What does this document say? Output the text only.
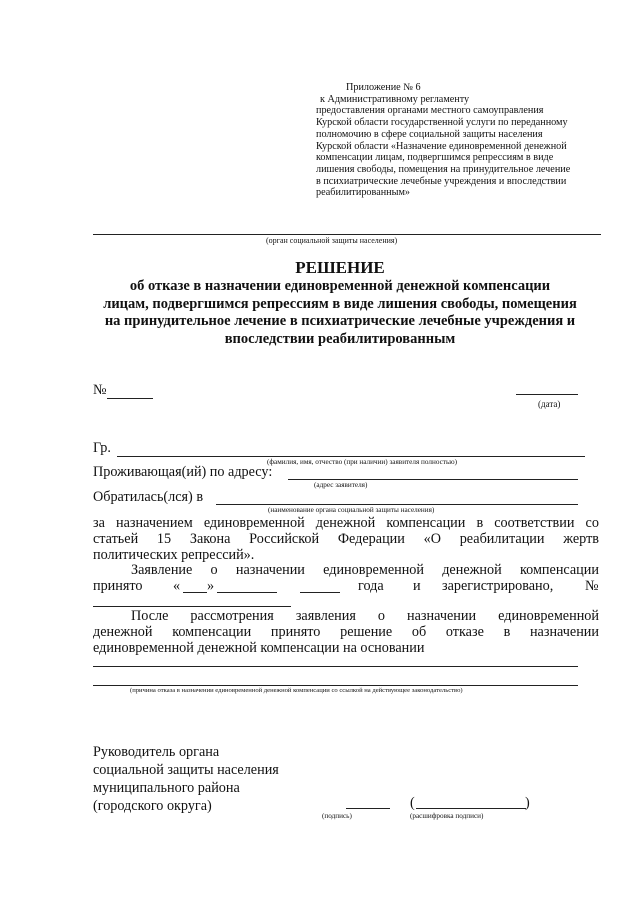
Приложение № 6
к Административному регламенту
предоставления органами местного самоуправления
Курской области государственной услуги по переданному
полномочию в сфере социальной защиты населения
Курской области «Назначение единовременной денежной
компенсации лицам, подвергшимся репрессиям в виде
лишения свободы, помещения на принудительное лечение
в психиатрические лечебные учреждения и впоследствии
реабилитированным»
(орган социальной защиты населения)
РЕШЕНИЕ
об отказе в назначении единовременной денежной компенсации
лицам, подвергшимся репрессиям в виде лишения свободы, помещения
на принудительное лечение в психиатрические лечебные учреждения и
впоследствии реабилитированным
№
(дата)
Гр.
(фамилия, имя, отчество (при наличии) заявителя полностью)
Проживающая(ий) по адресу:
(адрес заявителя)
Обратилась(лся) в
(наименование органа социальной защиты населения)
за назначением единовременной денежной компенсации в соответствии со
статьей 15 Закона Российской Федерации «О реабилитации жертв
политических репрессий».
Заявление о назначении единовременной денежной компенсации
принято « »	года и зарегистрировано, №
После рассмотрения заявления о назначении единовременной
денежной компенсации принято решение об отказе в назначении
единовременной денежной компенсации на основании
(причина отказа в назначении единовременной денежной компенсации со ссылкой на действующее законодательство)
Руководитель органа
социальной защиты населения
муниципального района
(городского округа)
(подпись)
(	)
(расшифровка подписи)
